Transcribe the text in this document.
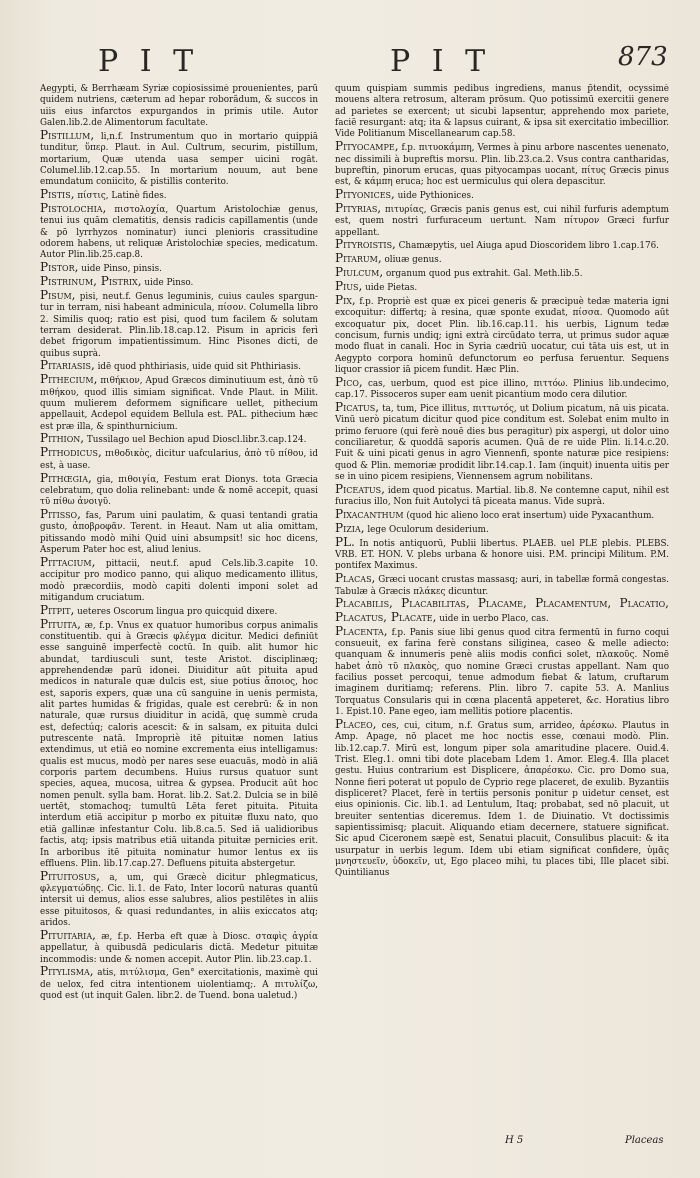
P I T	P I T	873

Aegypti, & Berrhæam Syriæ copiosissimè prouenientes, parū quidem nutriens, cæterum ad hepar roborādum, & succos in uiis eius infarctos expurgandos in primis utile. Autor Galen.lib.2.de Alimentorum facultate.

Pistillum, li,n.f. Instrumentum quo in mortario quippiā tunditur, ὕπερ. Plaut. in Aul. Cultrum, securim, pistillum, mortarium, Quæ utenda uasa semper uicini rogāt. Columel.lib.12.cap.55. In mortarium nouum, aut bene emundatum coniicito, & pistillis conterito.

Pistis, πίστις, Latinè fides.

Pistolochia, πιστολοχία, Quartum Aristolochiæ genus, tenui ius quām clematitis, densis radicis capillamentis (unde & pō lyrrhyzos nominatur) iunci plenioris crassitudine odorem habens, ut reliquæ Aristolochiæ species, medicatum. Autor Plin.lib.25.cap.8.

Pistor, uide Pinso, pinsis.

Pistrinum, Pistrix, uide Pinso.

Pisum, pisi, neut.f. Genus leguminis, cuius caules spargun-tur in terram, nisi habeant adminicula, πίσον. Columella libro 2. Similis quoq; ratio est pisi, quod tum facilem & solutam terram desiderat. Plin.lib.18.cap.12. Pisum in apricis ferì debet frigorum impatientissimum. Hinc Pisones dicti, de quibus suprà.

Pitariasis, idē quod phthiriasis, uide quid sit Phthiriasis.

Pithecium, πιθήκιον, Apud Græcos diminutiuum est, ἀπὸ τῦ πιθήκου, quod illis simiam significat. Vnde Plaut. in Milit. quum mulierem deformem significare uellet, pithecium appellauit, Acdepol equidem Bellula est. PAL. pithecium hæc est præ illa, & spinthurnicium.

Pithion, Tussilago uel Bechion apud Dioscl.libr.3.cap.124.

Pithodicus, πιθοδικὸς, dicitur uafcularius, ἀπὸ τῦ πίθου, id est, à uase.

Pithœgia, gia, πιθοιγία, Festum erat Dionys. tota Græcia celebratum, quo dolia relinebant: unde & nomē accepit, quasi τῦ πίθω ἀνοιγῦ.

Pitisso, fas, Parum uini paulatim, & quasi tentandi gratia gusto, ἀποβροφᾶν. Terent. in Heaut. Nam ut alia omittam, pitissando modò mihi Quid uini absumpsit! sic hoc dicens, Asperum Pater hoc est, aliud lenius.

Pittacium, pittacii, neut.f. apud Cels.lib.3.capite 10. accipitur pro modico panno, qui aliquo medicamento illitus, modò præcordiis, modò capiti dolenti imponi solet ad mitigandum cruciatum.

Pitpit, ueteres Oscorum lingua pro quicquid dixere.

Pituita, æ, f.p. Vnus ex quatuor humoribus corpus animalis constituentib. qui à Græcis φλέγμα dicitur. Medici definiūt esse sanguinē imperfectè coctū. In quib. alit humor hic abundat, tardiusculi sunt, teste Aristot. disciplinæq; apprehendendæ parū idonei. Diuiditur aūt pituita apud medicos in naturale quæ dulcis est, siue potius ἄποιος, hoc est, saporis expers, quæ una cū sanguine in uenis permista, alit partes humidas & frigidas, quale est cerebrū: & in non naturale, quæ rursus diuiditur in acidā, quę summè cruda est, defectúq; caloris acescit: & in salsam, ex pituita dulci putrescente natā. Impropriè itē pituitæ nomen latius extendimus, ut etiā eo nomine excrementa eius intelligamus: qualis est mucus, modò per nares sese euacuās, modò in aliā corporis partem decumbens. Huius rursus quatuor sunt species, aquea, mucosa, uitrea & gypsea. Producit aūt hoc nomen penult. sylla bam. Horat. lib.2. Sat.2. Dulcia se in bilē uertēt, stomachoq; tumultū Lēta feret pituita. Pituita interdum etiā accipitur p morbo ex pituitæ fluxu nato, quo etiā gallinæ infestantur Colu. lib.8.ca.5. Sed iā ualidioribus factis, atq; ipsis matribus etiā uitanda pituitæ pernicies erit. In arboribus itē pituita nominatur humor lentus ex iis effluens. Plin. lib.17.cap.27. Defluens pituita abstergetur.

Pituitosus, a, um, qui Græcè dicitur phlegmaticus, φλεγματώδης. Cic. li.1. de Fato, Inter locorū naturas quantū intersit ui demus, alios esse salubres, alios pestilētes in aliis esse pituitosos, & quasi redundantes, in aliis exiccatos atq; aridos.

Pituitaria, æ, f.p. Herba eft quæ à Diosc. σταφὶς ἀγρία appellatur, à quibusdā pedicularis dictā. Medetur pituitæ incommodis: unde & nomen accepit. Autor Plin. lib.23.cap.1.

Pitylisma, atis, πιτύλισμα, Gen° exercitationis, maximè qui de uelox, fed citra intentionem uiolentiamq;. A πιτυλίζω, quod est (ut inquit Galen. libr.2. de Tuend. bona ualetud.)

quum quispiam summis pedibus ingrediens, manus p̄tendit, ocyssimè mouens altera retrosum, alteram prōsum. Quo potissimū exercitii genere ad parietes se exercent; ut sicubi lapsentur, apprehendo mox pariete, faciē resurgant: atq; ita & lapsus cuirant, & ipsa sit exercitatio imbecillior. Vide Politianum Miscellanearum cap.58.

Pityocampe, f.p. πιτυοκάμπη, Vermes à pinu arbore nascentes uenenato, nec dissimili à bupreftis morsu. Plin. lib.23.ca.2. Vsus contra cantharidas, bupreftin, pinorum erucas, quas pityocampas uocant, πίτυς Græcis pinus est, & κάμπη eruca; hoc est uermiculus qui olera depascitur.

Pityonices, uide Pythionices.

Pityrias, πιτυρίας, Græcis panis genus est, cui nihil furfuris ademptum est, quem nostri furfuraceum uertunt. Nam πίτυρον Græci furfur appellant.

Pityroistis, Chamæpytis, uel Aiuga apud Dioscoridem libro 1.cap.176.

Pitarum, oliuæ genus.

Piulcum, organum quod pus extrahit. Gal. Meth.lib.5.

Pius, uide Pietas.

Pix, f.p. Propriè est quæ ex picei generis & præcipuè tedæ materia igni excoquitur: differtq; à resina, quæ sponte exudat, πίσσα. Quomodo aūt excoquatur pix, docet Plin. lib.16.cap.11. his uerbis, Lignum tedæ concisum, furnis undiq; igni extrà circūdato terra, ut primus sudor aquæ modo fluat in canali. Hoc in Syria cædriū uocatur, cui tāta uis est, ut in Aegypto corpora hominū defunctorum eo perfusa feruentur. Sequens liquor crassior iā picem fundit. Hæc Plin.

Pico, cas, uerbum, quod est pice illino, πιττόω. Plinius lib.undecimo, cap.17. Pissoceros super eam uenit picantium modo cera dilutior.

Picatus, ta, tum, Pice illitus, πιττωτός, ut Dolium picatum, nā uis picata. Vinū uerò picatum dicitur quod pice conditum est. Solebat enim multo in primo feruore (qui ferè nouē dies bus peragitur) pix aspergi, ut dolor uino conciliaretur, & quoddā saporis acumen. Quā de re uide Plin. li.14.c.20. Fuit & uini picati genus in agro Viennenfi, sponte naturæ pice resipiens: quod & Plin. memoriæ prodidit libr.14.cap.1. Iam (inquit) inuenta uitis per se in uino picem resipiens, Viennensem agrum nobilitans.

Piceatus, idem quod picatus. Martial. lib.8. Ne contemne caput, nihil est furacius illo, Non fuit Autolyci tā piceata manus. Vide suprà.

Pixacanthum (quod hic alieno loco erat insertum) uide Pyxacanthum.

Pizia, lege Oculorum desiderium.

PL. In notis antiquorū, Publii libertus. PLAEB. uel PLE plebis. PLEBS. VRB. ET. HON. V. plebs urbana & honore uisi. P.M. principi Militum. P.M. pontifex Maximus.

Placas, Græci uocant crustas massasq; auri, in tabellæ formā congestas. Tabulæ à Græcis πλάκες dicuntur.

Placabilis, Placabilitas, Placame, Placamentum, Placatio, Placatus, Placate, uide in uerbo Placo, cas.

Placenta, f.p. Panis siue libi genus quod citra fermentū in furno coqui consueuit, ex farina ferè constans siliginea, caseo & melle adiecto: quanquam & innumeris penè aliis modis confici solet, πλακοῦς. Nomē habet ἀπὸ τῦ πλακὸς, quo nomine Græci crustas appellant. Nam quo facilius posset percoqui, tenue admodum fiebat & latum, cruftarum imaginem duritiamq; referens. Plin. libro 7. capite 53. A. Manlius Torquatus Consularis qui in cœna placentā appeteret, &c. Horatius libro 1. Epist.10. Pane egeo, iam mellitis potiore placentis.

Placeo, ces, cui, citum, n.f. Gratus sum, arrideo, ἀρέσκω. Plautus in Amp. Apage, nō placet me hoc noctis esse, cœnaui modò. Plin. lib.12.cap.7. Mirū est, longum piper sola amaritudine placere. Ouid.4. Trist. Eleg.1. omni tibi dote placebam Ldem 1. Amor. Eleg.4. Illa placet gestu. Huius contrarium est Displicere, ἀπαρέσκω. Cic. pro Domo sua, Nonne fieri poterat ut populo de Cyprio rege placeret, de exulib. Byzantiis displiceret? Placet, ferè in tertiis personis ponitur p uidetur censet, est eius opinionis. Cic. lib.1. ad Lentulum, Itaq; probabat, sed nō placuit, ut breuiter sententias diceremus. Idem 1. de Diuinatio. Vt doctissimis sapientissimisq; placuit. Aliquando etiam decernere, statuere significat. Sic apud Ciceronem sæpè est, Senatui placuit, Consulibus placuit: & ita usurpatur in uerbis legum. Idem ubi etiam significat confidere, ὑμᾶς μνηστευεῖν, ὑδοκεῖν, ut, Ego placeo mihi, tu places tibi, Ille placet sibi. Quintilianus

H 5	Placeas
